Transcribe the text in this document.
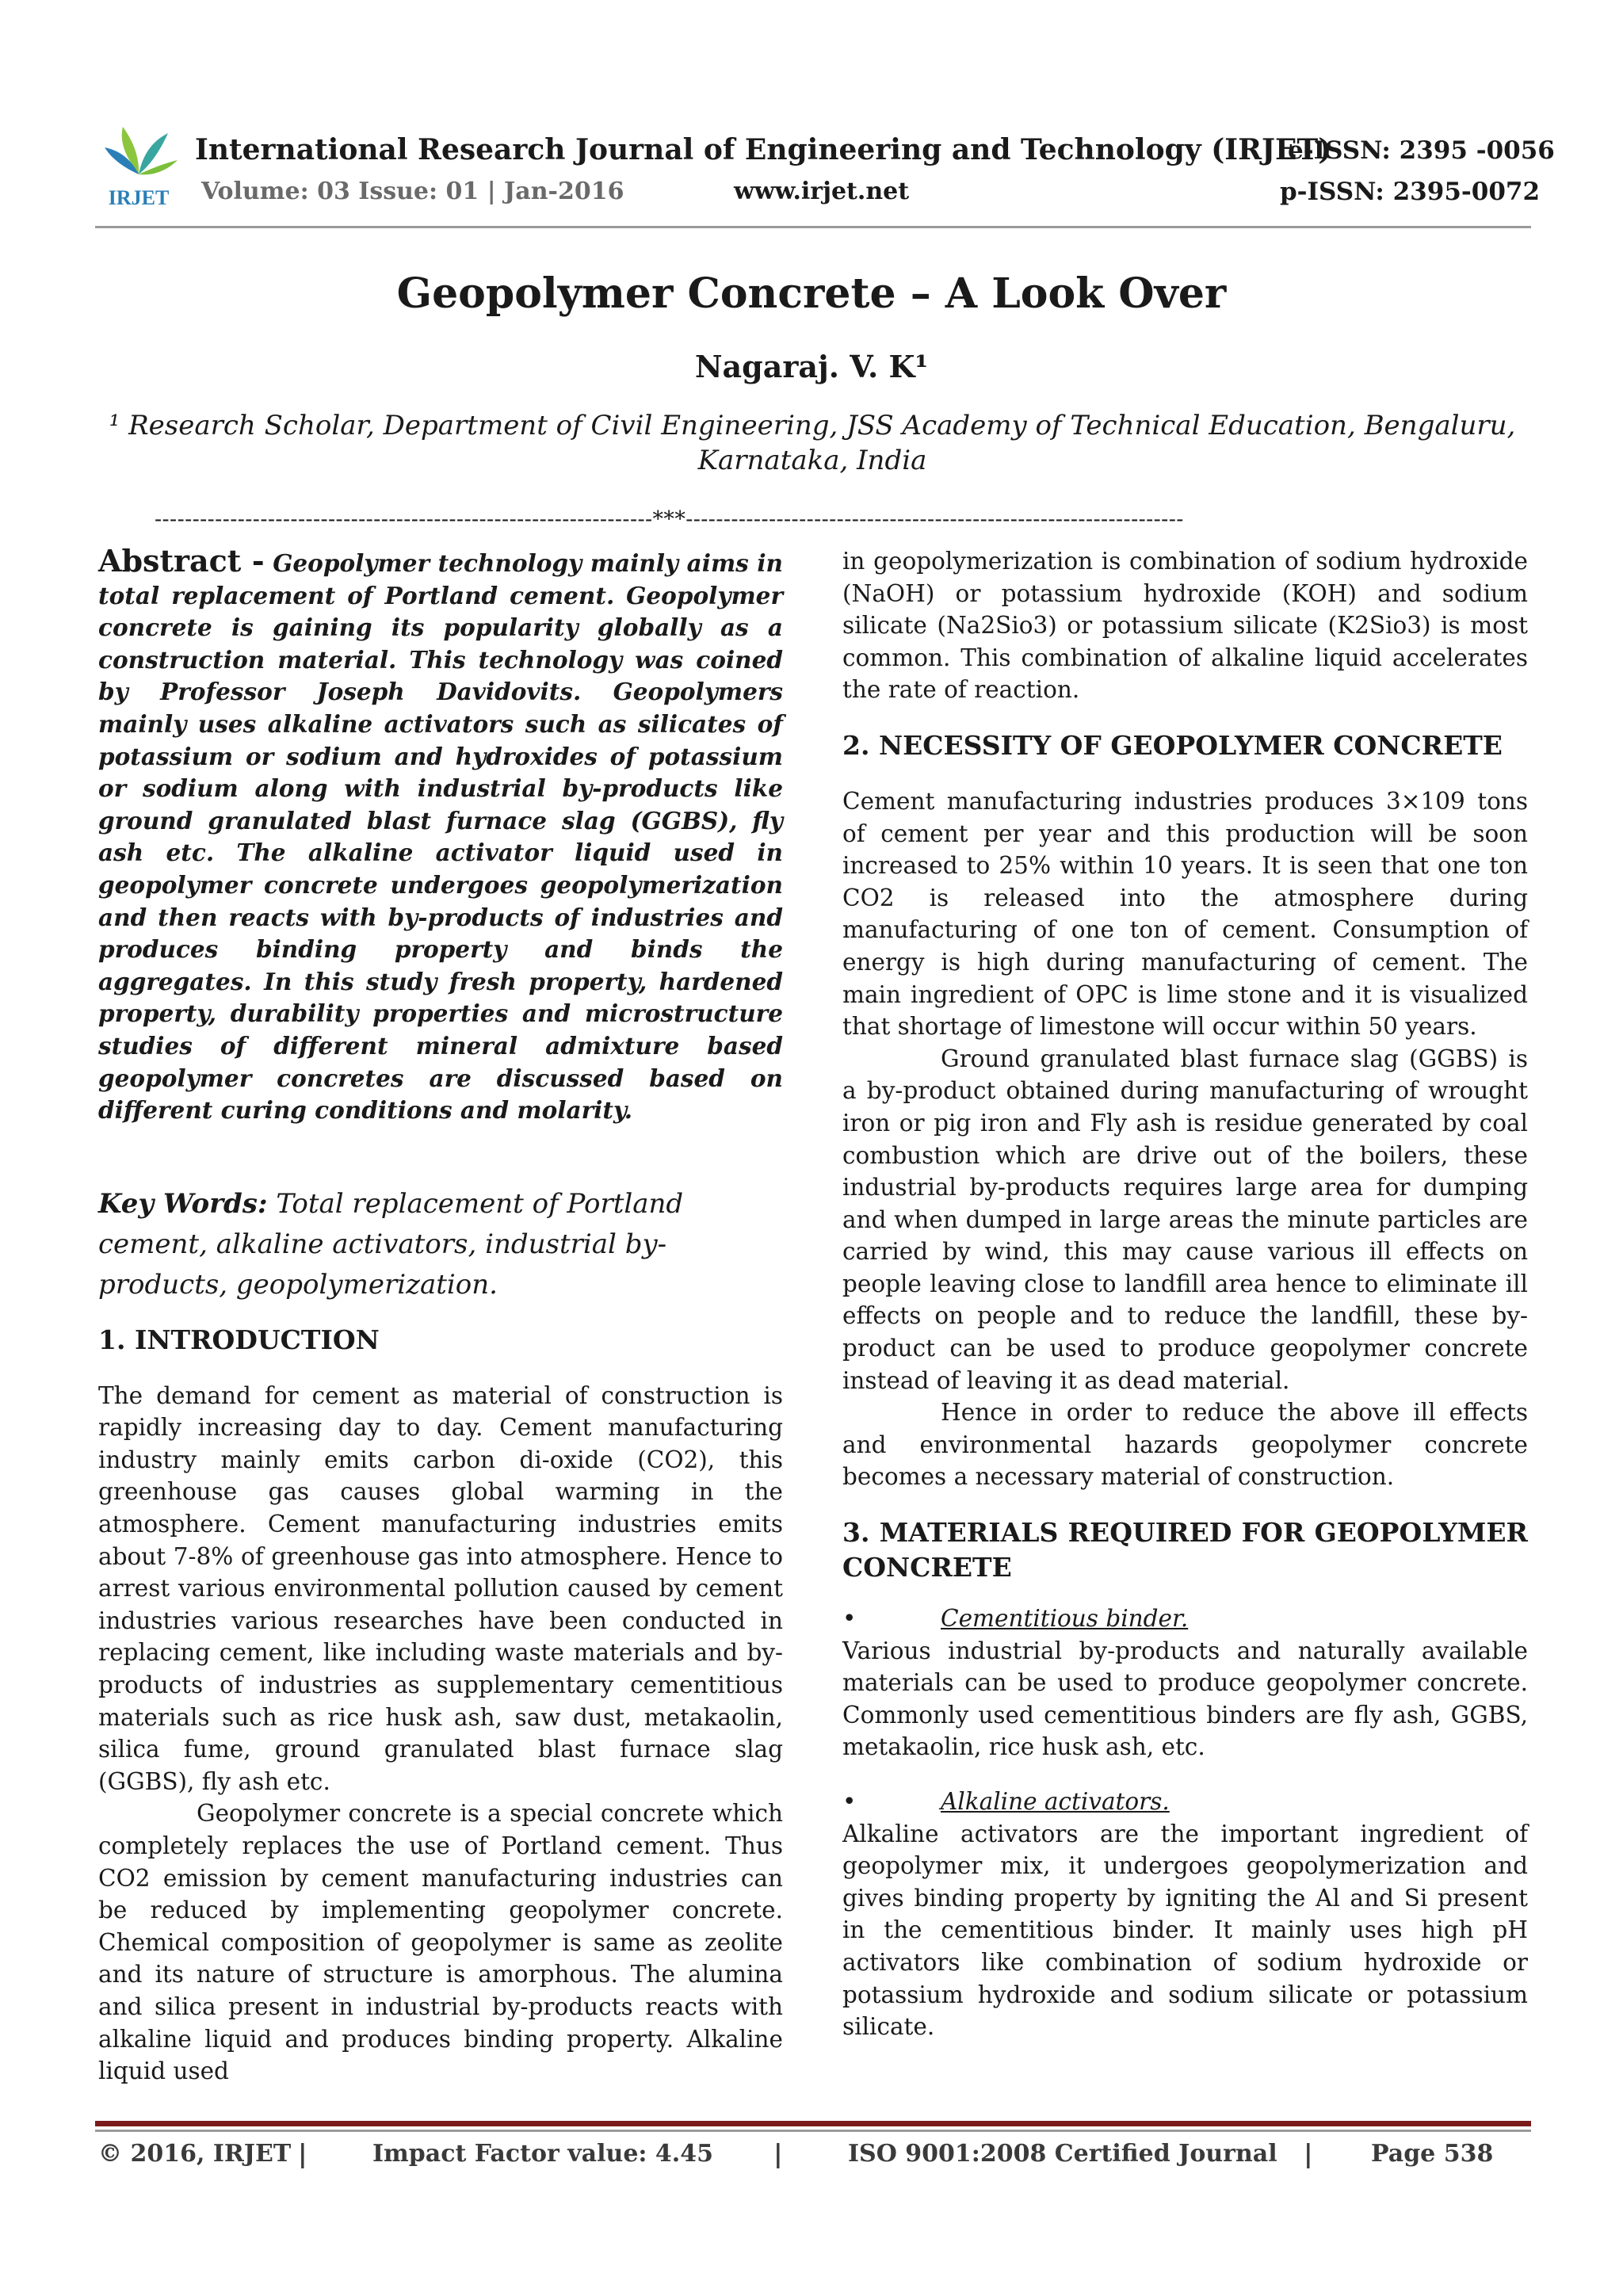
IRJET
International Research Journal of Engineering and Technology (IRJET)
e-ISSN: 2395 -0056
Volume: 03 Issue: 01 | Jan-2016	www.irjet.net	p-ISSN: 2395-0072
Geopolymer Concrete – A Look Over
Nagaraj. V. K¹
¹ Research Scholar, Department of Civil Engineering, JSS Academy of Technical Education, Bengaluru, Karnataka, India
------------------------------------------------------------------***------------------------------------------------------------------

Abstract - Geopolymer technology mainly aims in total replacement of Portland cement. Geopolymer concrete is gaining its popularity globally as a construction material. This technology was coined by Professor Joseph Davidovits. Geopolymers mainly uses alkaline activators such as silicates of potassium or sodium and hydroxides of potassium or sodium along with industrial by-products like ground granulated blast furnace slag (GGBS), fly ash etc. The alkaline activator liquid used in geopolymer concrete undergoes geopolymerization and then reacts with by-products of industries and produces binding property and binds the aggregates. In this study fresh property, hardened property, durability properties and microstructure studies of different mineral admixture based geopolymer concretes are discussed based on different curing conditions and molarity.

Key Words: Total replacement of Portland cement, alkaline activators, industrial by-products, geopolymerization.
1. INTRODUCTION

The demand for cement as material of construction is rapidly increasing day to day. Cement manufacturing industry mainly emits carbon di-oxide (CO2), this greenhouse gas causes global warming in the atmosphere. Cement manufacturing industries emits about 7-8% of greenhouse gas into atmosphere. Hence to arrest various environmental pollution caused by cement industries various researches have been conducted in replacing cement, like including waste materials and by-products of industries as supplementary cementitious materials such as rice husk ash, saw dust, metakaolin, silica fume, ground granulated blast furnace slag (GGBS), fly ash etc.

Geopolymer concrete is a special concrete which completely replaces the use of Portland cement. Thus CO2 emission by cement manufacturing industries can be reduced by implementing geopolymer concrete. Chemical composition of geopolymer is same as zeolite and its nature of structure is amorphous. The alumina and silica present in industrial by-products reacts with alkaline liquid and produces binding property. Alkaline liquid used

in geopolymerization is combination of sodium hydroxide (NaOH) or potassium hydroxide (KOH) and sodium silicate (Na2Sio3) or potassium silicate (K2Sio3) is most common. This combination of alkaline liquid accelerates the rate of reaction.

2. NECESSITY OF GEOPOLYMER CONCRETE

Cement manufacturing industries produces 3×109 tons of cement per year and this production will be soon increased to 25% within 10 years. It is seen that one ton CO2 is released into the atmosphere during manufacturing of one ton of cement. Consumption of energy is high during manufacturing of cement. The main ingredient of OPC is lime stone and it is visualized that shortage of limestone will occur within 50 years.

Ground granulated blast furnace slag (GGBS) is a by-product obtained during manufacturing of wrought iron or pig iron and Fly ash is residue generated by coal combustion which are drive out of the boilers, these industrial by-products requires large area for dumping and when dumped in large areas the minute particles are carried by wind, this may cause various ill effects on people leaving close to landfill area hence to eliminate ill effects on people and to reduce the landfill, these by-product can be used to produce geopolymer concrete instead of leaving it as dead material.

Hence in order to reduce the above ill effects and environmental hazards geopolymer concrete becomes a necessary material of construction.

3. MATERIALS REQUIRED FOR GEOPOLYMER CONCRETE
•	Cementitious binder.

Various industrial by-products and naturally available materials can be used to produce geopolymer concrete. Commonly used cementitious binders are fly ash, GGBS, metakaolin, rice husk ash, etc.

•	Alkaline activators.

Alkaline activators are the important ingredient of geopolymer mix, it undergoes geopolymerization and gives binding property by igniting the Al and Si present in the cementitious binder. It mainly uses high pH activators like combination of sodium hydroxide or potassium hydroxide and sodium silicate or potassium silicate.

© 2016, IRJET |	Impact Factor value: 4.45 |	ISO 9001:2008 Certified Journal | Page 538
